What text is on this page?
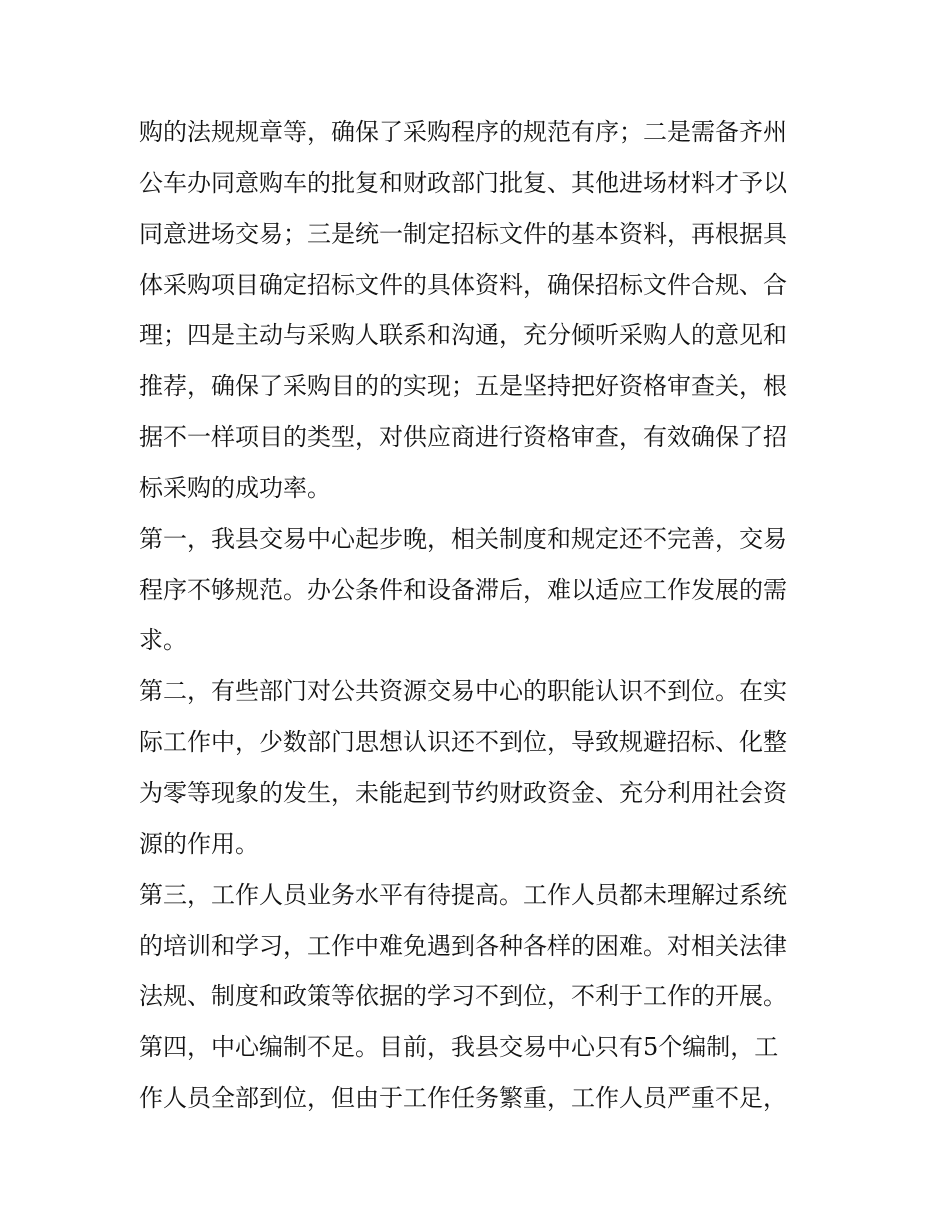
购的法规规章等，确保了采购程序的规范有序；二是需备齐州
公车办同意购车的批复和财政部门批复、其他进场材料才予以
同意进场交易；三是统一制定招标文件的基本资料，再根据具
体采购项目确定招标文件的具体资料，确保招标文件合规、合
理；四是主动与采购人联系和沟通，充分倾听采购人的意见和
推荐，确保了采购目的的实现；五是坚持把好资格审查关，根
据不一样项目的类型，对供应商进行资格审查，有效确保了招
标采购的成功率。
第一，我县交易中心起步晚，相关制度和规定还不完善，交易
程序不够规范。办公条件和设备滞后，难以适应工作发展的需
求。
第二，有些部门对公共资源交易中心的职能认识不到位。在实
际工作中，少数部门思想认识还不到位，导致规避招标、化整
为零等现象的发生，未能起到节约财政资金、充分利用社会资
源的作用。
第三，工作人员业务水平有待提高。工作人员都未理解过系统
的培训和学习，工作中难免遇到各种各样的困难。对相关法律
法规、制度和政策等依据的学习不到位，不利于工作的开展。
第四，中心编制不足。目前，我县交易中心只有5个编制，工
作人员全部到位，但由于工作任务繁重，工作人员严重不足，
